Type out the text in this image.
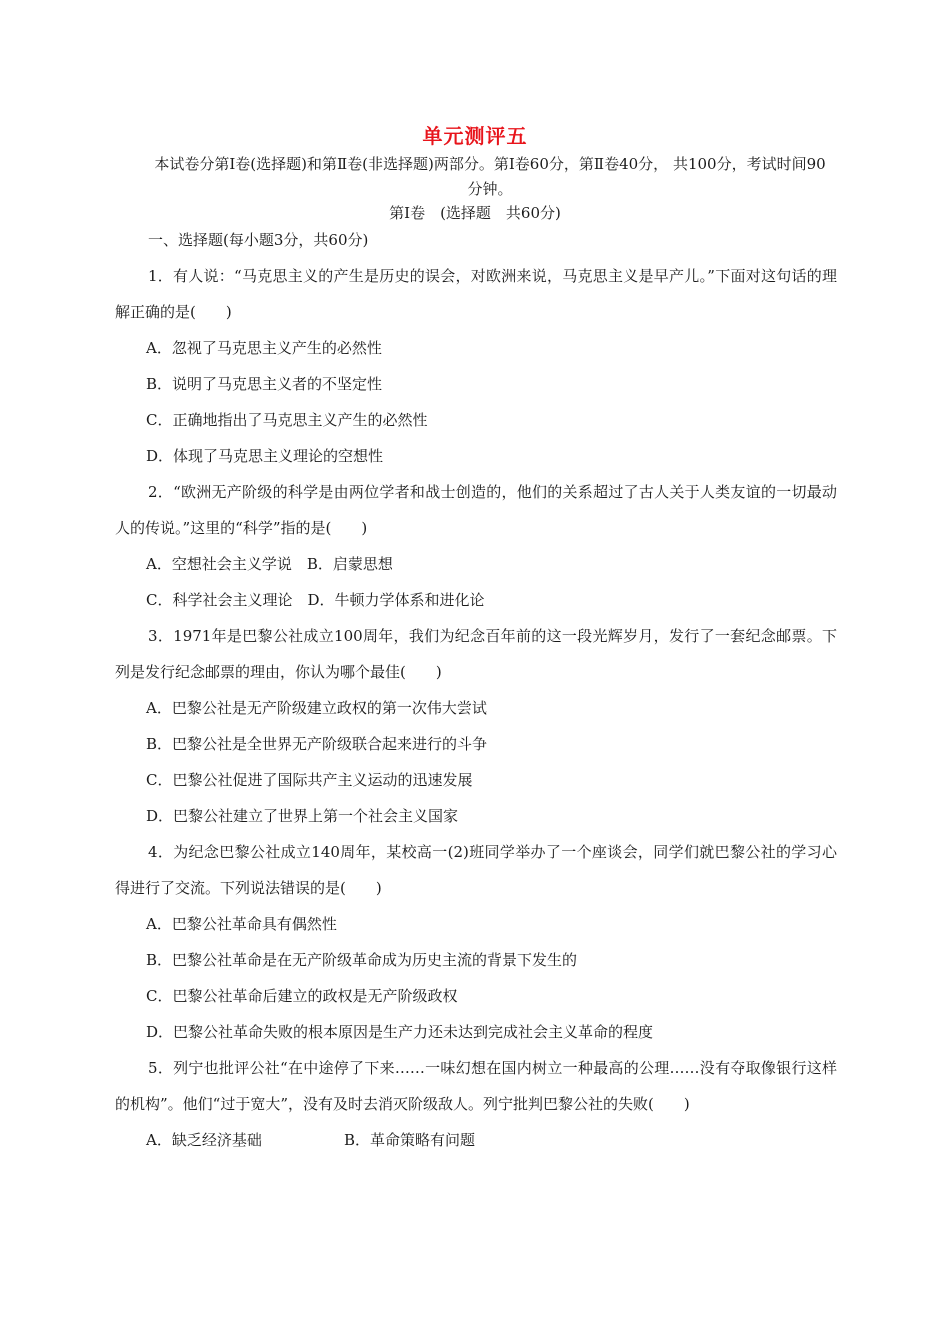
单元测评五
本试卷分第Ⅰ卷(选择题)和第Ⅱ卷(非选择题)两部分。第Ⅰ卷60分，第Ⅱ卷40分， 共100分，考试时间90分钟。
第Ⅰ卷　(选择题　共60分)
一、选择题(每小题3分，共60分)

1．有人说：“马克思主义的产生是历史的误会，对欧洲来说，马克思主义是早产儿。”下面对这句话的理解正确的是(　　)

A．忽视了马克思主义产生的必然性

B．说明了马克思主义者的不坚定性

C．正确地指出了马克思主义产生的必然性

D．体现了马克思主义理论的空想性

2．“欧洲无产阶级的科学是由两位学者和战士创造的，他们的关系超过了古人关于人类友谊的一切最动人的传说。”这里的“科学”指的是(　　)

A．空想社会主义学说　B．启蒙思想

C．科学社会主义理论　D．牛顿力学体系和进化论

3．1971年是巴黎公社成立100周年，我们为纪念百年前的这一段光辉岁月，发行了一套纪念邮票。下列是发行纪念邮票的理由，你认为哪个最佳(　　)

A．巴黎公社是无产阶级建立政权的第一次伟大尝试

B．巴黎公社是全世界无产阶级联合起来进行的斗争

C．巴黎公社促进了国际共产主义运动的迅速发展

D．巴黎公社建立了世界上第一个社会主义国家

4．为纪念巴黎公社成立140周年，某校高一(2)班同学举办了一个座谈会，同学们就巴黎公社的学习心得进行了交流。下列说法错误的是(　　)

A．巴黎公社革命具有偶然性

B．巴黎公社革命是在无产阶级革命成为历史主流的背景下发生的

C．巴黎公社革命后建立的政权是无产阶级政权

D．巴黎公社革命失败的根本原因是生产力还未达到完成社会主义革命的程度

5．列宁也批评公社“在中途停了下来……一味幻想在国内树立一种最高的公理……没有夺取像银行这样的机构”。他们“过于宽大”，没有及时去消灭阶级敌人。列宁批判巴黎公社的失败(　　)

A．缺乏经济基础	B．革命策略有问题
